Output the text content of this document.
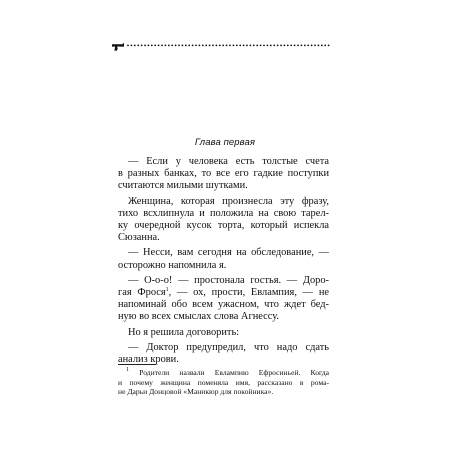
Глава первая
— Если у человека есть толстые счета
в разных банках, то все его гадкие поступки
считаются милыми шутками.
Женщина, которая произнесла эту фразу,
тихо всхлипнула и положила на свою тарел-
ку очередной кусок торта, который испекла
Сюзанна.
— Несси, вам сегодня на обследование, —
осторожно напомнила я.
— О-о-о! — простонала гостья. — Доро-
гая Фрося$^1$, — ох, прости, Евлампия, — не
напоминай обо всем ужасном, что ждет бед-
ную во всех смыслах слова Агнессу.
Но я решила договорить:
— Доктор предупредил, что надо сдать
анализ крови.
$^1$ Родители назвали Евлампию Ефросиньей. Когда
и почему женщина поменяла имя, рассказано в рома-
не Дарьи Донцовой «Маникюр для покойника».
